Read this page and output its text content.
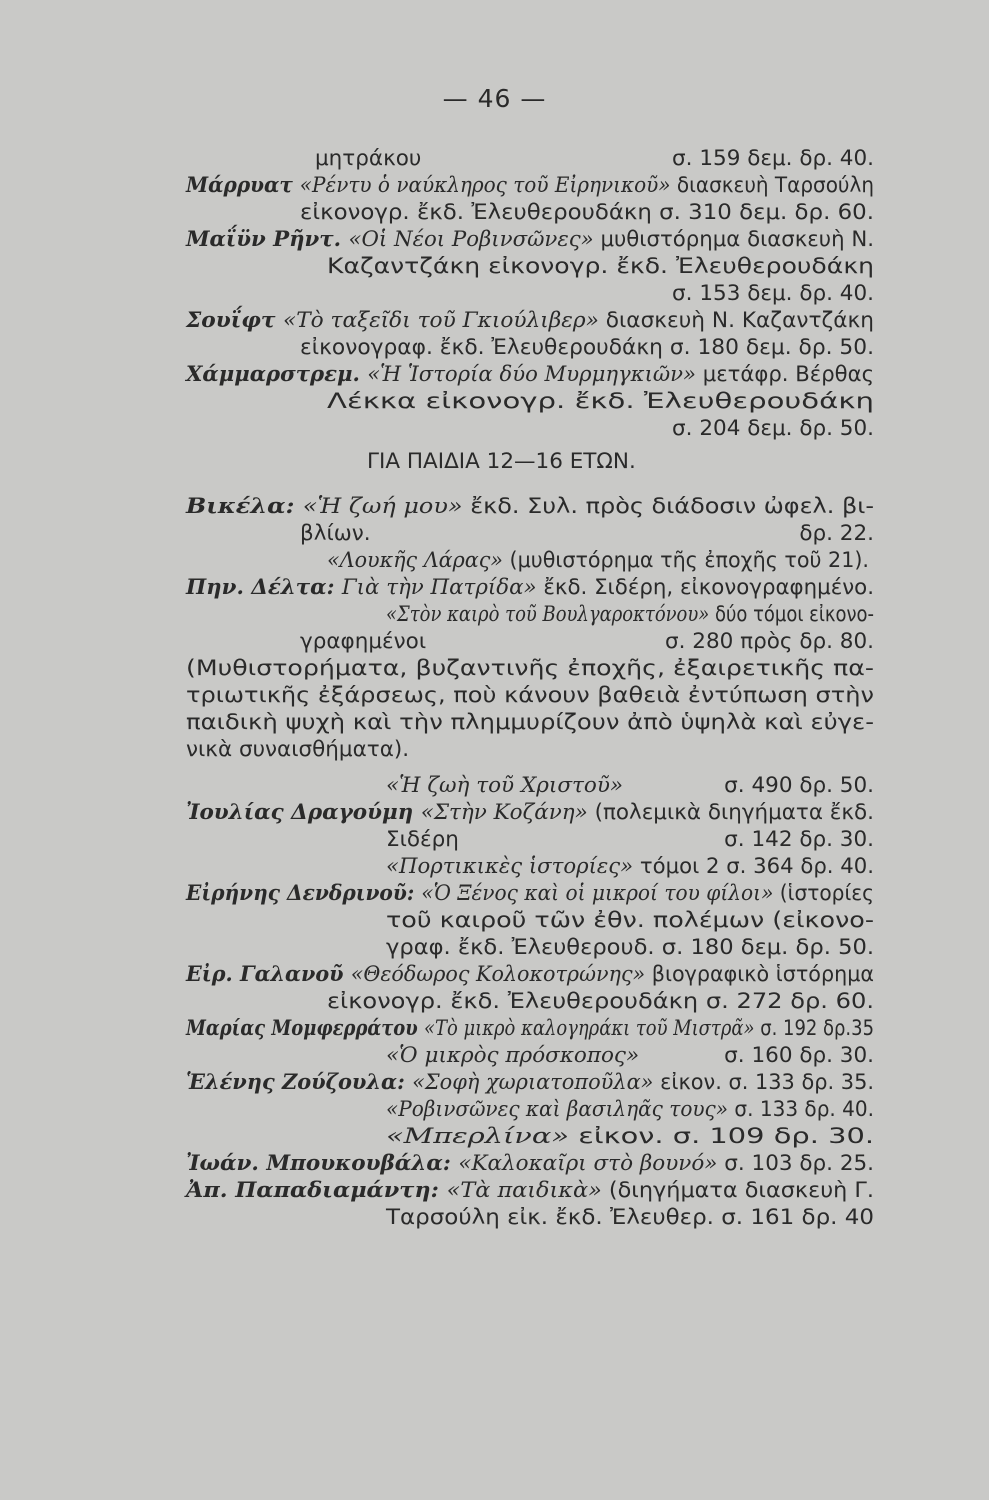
— 46 —
μητράκου	σ. 159 δεμ. δρ. 40.
Μάρρυατ «Ρέντυ ὁ ναύκληρος τοῦ Εἰρηνικοῦ» διασκευὴ Ταρσούλη
εἰκονογρ. ἔκδ. Ἐλευθερουδάκη σ. 310 δεμ. δρ. 60.
Μαΐϋν Ρῆντ. «Οἱ Νέοι Ροβινσῶνες» μυθιστόρημα διασκευὴ Ν.
Καζαντζάκη εἰκονογρ. ἔκδ. Ἐλευθερουδάκη
σ. 153 δεμ. δρ. 40.
Σουΐφτ «Τὸ ταξεῖδι τοῦ Γκιούλιβερ» διασκευὴ Ν. Καζαντζάκη
εἰκονογραφ. ἔκδ. Ἐλευθερουδάκη σ. 180 δεμ. δρ. 50.
Χάμμαρστρεμ. «Ἡ Ἱστορία δύο Μυρμηγκιῶν» μετάφρ. Βέρθας
Λέκκα εἰκονογρ. ἔκδ. Ἐλευθερουδάκη
σ. 204 δεμ. δρ. 50.
ΓΙΑ ΠΑΙΔΙΑ 12—16 ΕΤΩΝ.
Βικέλα: «Ἡ ζωή μου» ἔκδ. Συλ. πρὸς διάδοσιν ὠφελ. βι-
βλίων.	δρ. 22.
«Λουκῆς Λάρας» (μυθιστόρημα τῆς ἐποχῆς τοῦ 21).
Πην. Δέλτα: Γιὰ τὴν Πατρίδα» ἔκδ. Σιδέρη, εἰκονογραφημένο.
«Στὸν καιρὸ τοῦ Βουλγαροκτόνου» δύο τόμοι εἰκονο-
γραφημένοι	σ. 280 πρὸς δρ. 80.
(Μυθιστορήματα, βυζαντινῆς ἐποχῆς, ἐξαιρετικῆς πα-
τριωτικῆς ἐξάρσεως, ποὺ κάνουν βαθειὰ ἐντύπωση στὴν
παιδικὴ ψυχὴ καὶ τὴν πλημμυρίζουν ἀπὸ ὑψηλὰ καὶ εὐγε-
νικὰ συναισθήματα).
«Ἡ ζωὴ τοῦ Χριστοῦ»	σ. 490 δρ. 50.
Ἰουλίας Δραγούμη «Στὴν Κοζάνη» (πολεμικὰ διηγήματα ἔκδ.
Σιδέρη	σ. 142 δρ. 30.
«Πορτικικὲς ἱστορίες» τόμοι 2 σ. 364 δρ. 40.
Εἰρήνης Δενδρινοῦ: «Ὁ Ξένος καὶ οἱ μικροί του φίλοι» (ἱστορίες
τοῦ καιροῦ τῶν ἐθν. πολέμων (εἰκονο-
γραφ. ἔκδ. Ἐλευθερουδ. σ. 180 δεμ. δρ. 50.
Εἰρ. Γαλανοῦ «Θεόδωρος Κολοκοτρώνης» βιογραφικὸ ἱστόρημα
εἰκονογρ. ἔκδ. Ἐλευθερουδάκη σ. 272 δρ. 60.
Μαρίας Μομφερράτου «Τὸ μικρὸ καλογηράκι τοῦ Μιστρᾶ» σ. 192 δρ.35
«Ὁ μικρὸς πρόσκοπος»	σ. 160 δρ. 30.
Ἑλένης Ζούζουλα: «Σοφὴ χωριατοποῦλα» εἰκον. σ. 133 δρ. 35.
«Ροβινσῶνες καὶ βασιληᾶς τους» σ. 133 δρ. 40.
«Μπερλίνα» εἰκον. σ. 109 δρ. 30.
Ἰωάν. Μπουκουβάλα: «Καλοκαῖρι στὸ βουνό» σ. 103 δρ. 25.
Ἀπ. Παπαδιαμάντη: «Τὰ παιδικὰ» (διηγήματα διασκευὴ Γ.
Ταρσούλη εἰκ. ἔκδ. Ἐλευθερ. σ. 161 δρ. 40
